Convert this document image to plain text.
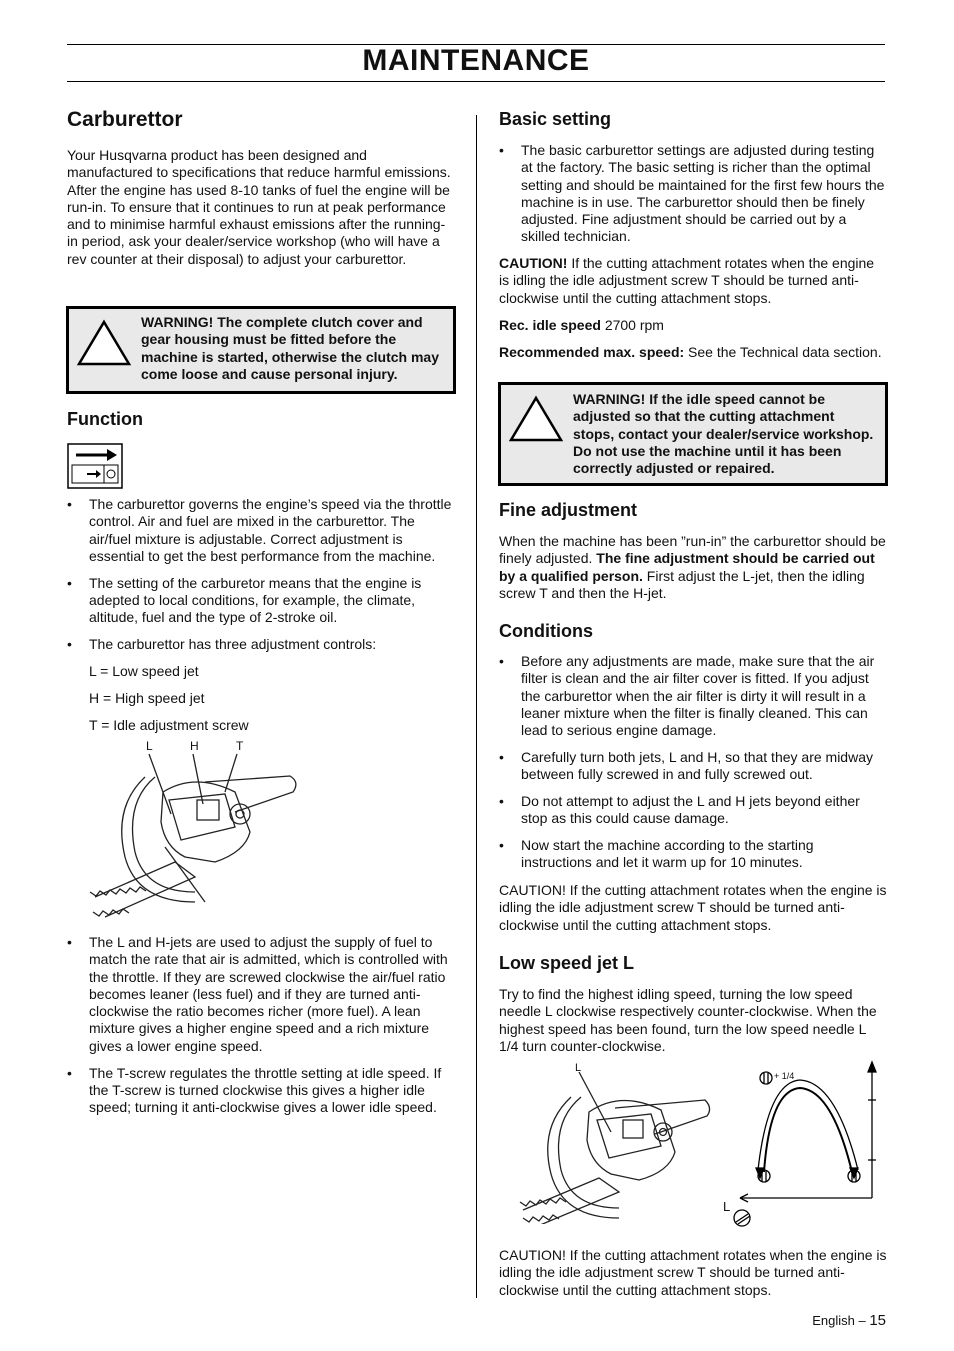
MAINTENANCE
Carburettor
Your Husqvarna product has been designed and manufactured to specifications that reduce harmful emissions. After the engine has used 8-10 tanks of fuel the engine will be run-in. To ensure that it continues to run at peak performance and to minimise harmful exhaust emissions after the running-in period, ask your dealer/service workshop (who will have a rev counter at their disposal) to adjust your carburettor.
WARNING! The complete clutch cover and gear housing must be fitted before the machine is started, otherwise the clutch may come loose and cause personal injury.
Function
• The carburettor governs the engine’s speed via the throttle control. Air and fuel are mixed in the carburettor. The air/fuel mixture is adjustable. Correct adjustment is essential to get the best performance from the machine.
• The setting of the carburetor means that the engine is adepted to local conditions, for example, the climate, altitude, fuel and the type of 2-stroke oil.
• The carburettor has three adjustment controls:
L = Low speed jet
H = High speed jet
T = Idle adjustment screw
L	H	T
• The L and H-jets are used to adjust the supply of fuel to match the rate that air is admitted, which is controlled with the throttle. If they are screwed clockwise the air/fuel ratio becomes leaner (less fuel) and if they are turned anti-clockwise the ratio becomes richer (more fuel). A lean mixture gives a higher engine speed and a rich mixture gives a lower engine speed.
• The T-screw regulates the throttle setting at idle speed. If the T-screw is turned clockwise this gives a higher idle speed; turning it anti-clockwise gives a lower idle speed.
Basic setting
• The basic carburettor settings are adjusted during testing at the factory. The basic setting is richer than the optimal setting and should be maintained for the first few hours the machine is in use. The carburettor should then be finely adjusted. Fine adjustment should be carried out by a skilled technician.
CAUTION! If the cutting attachment rotates when the engine is idling the idle adjustment screw T should be turned anti-clockwise until the cutting attachment stops.
Rec. idle speed 2700 rpm
Recommended max. speed: See the Technical data section.
WARNING! If the idle speed cannot be adjusted so that the cutting attachment stops, contact your dealer/service workshop. Do not use the machine until it has been correctly adjusted or repaired.
Fine adjustment
When the machine has been ”run-in” the carburettor should be finely adjusted. The fine adjustment should be carried out by a qualified person. First adjust the L-jet, then the idling screw T and then the H-jet.
Conditions
• Before any adjustments are made, make sure that the air filter is clean and the air filter cover is fitted. If you adjust the carburettor when the air filter is dirty it will result in a leaner mixture when the filter is finally cleaned. This can lead to serious engine damage.
• Carefully turn both jets, L and H, so that they are midway between fully screwed in and fully screwed out.
• Do not attempt to adjust the L and H jets beyond either stop as this could cause damage.
• Now start the machine according to the starting instructions and let it warm up for 10 minutes.
CAUTION! If the cutting attachment rotates when the engine is idling the idle adjustment screw T should be turned anti-clockwise until the cutting attachment stops.
Low speed jet L
Try to find the highest idling speed, turning the low speed needle L clockwise respectively counter-clockwise. When the highest speed has been found, turn the low speed needle L 1/4 turn counter-clockwise.
L
+ 1/4
L
CAUTION! If the cutting attachment rotates when the engine is idling the idle adjustment screw T should be turned anti-clockwise until the cutting attachment stops.
English – 15
